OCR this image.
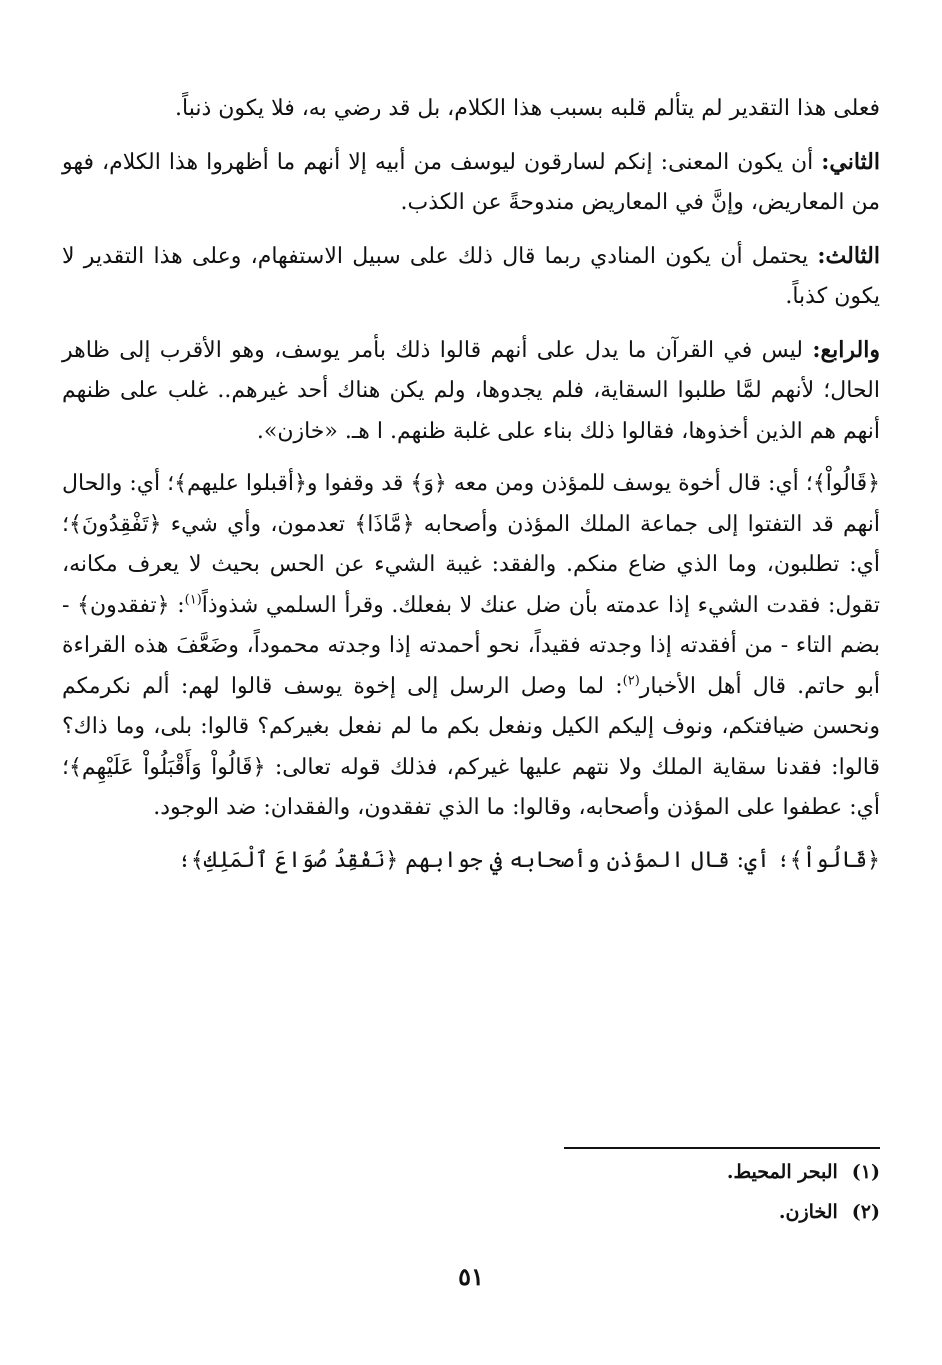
فعلى هذا التقدير لم يتألم قلبه بسبب هذا الكلام، بل قد رضي به، فلا يكون ذنباً.

الثاني: أن يكون المعنى: إنكم لسارقون ليوسف من أبيه إلا أنهم ما أظهروا هذا الكلام، فهو من المعاريض، وإنَّ في المعاريض مندوحةً عن الكذب.

الثالث: يحتمل أن يكون المنادي ربما قال ذلك على سبيل الاستفهام، وعلى هذا التقدير لا يكون كذباً.

والرابع: ليس في القرآن ما يدل على أنهم قالوا ذلك بأمر يوسف، وهو الأقرب إلى ظاهر الحال؛ لأنهم لمَّا طلبوا السقاية، فلم يجدوها، ولم يكن هناك أحد غيرهم.. غلب على ظنهم أنهم هم الذين أخذوها، فقالوا ذلك بناء على غلبة ظنهم. ا هـ. «خازن».

﴿قَالُواْ﴾؛ أي: قال أخوة يوسف للمؤذن ومن معه ﴿وَ﴾ قد وقفوا و﴿أقبلوا عليهم﴾؛ أي: والحال أنهم قد التفتوا إلى جماعة الملك المؤذن وأصحابه ﴿مَّاذَا﴾ تعدمون، وأي شيء ﴿تَفْقِدُونَ﴾؛ أي: تطلبون، وما الذي ضاع منكم. والفقد: غيبة الشيء عن الحس بحيث لا يعرف مكانه، تقول: فقدت الشيء إذا عدمته بأن ضل عنك لا بفعلك. وقرأ السلمي شذوذاً$^{(١)}$: ﴿تفقدون﴾ - بضم التاء - من أفقدته إذا وجدته فقيداً، نحو أحمدته إذا وجدته محموداً، وضَعَّفَ هذه القراءة أبو حاتم. قال أهل الأخبار$^{(٢)}$: لما وصل الرسل إلى إخوة يوسف قالوا لهم: ألم نكرمكم ونحسن ضيافتكم، ونوف إليكم الكيل ونفعل بكم ما لم نفعل بغيركم؟ قالوا: بلى، وما ذاك؟ قالوا: فقدنا سقاية الملك ولا نتهم عليها غيركم، فذلك قوله تعالى: ﴿قَالُواْ وَأَقْبَلُواْ عَلَيْهِم﴾؛ أي: عطفوا على المؤذن وأصحابه، وقالوا: ما الذي تفقدون، والفقدان: ضد الوجود.

﴿قَالُواْ﴾؛ أي: قال المؤذن وأصحابه في جوابهم ﴿نَفْقِدُ صُوَاعَ ٱلْمَلِكِ﴾؛

(١)البحر المحيط.

(٢)الخازن.

٥١
